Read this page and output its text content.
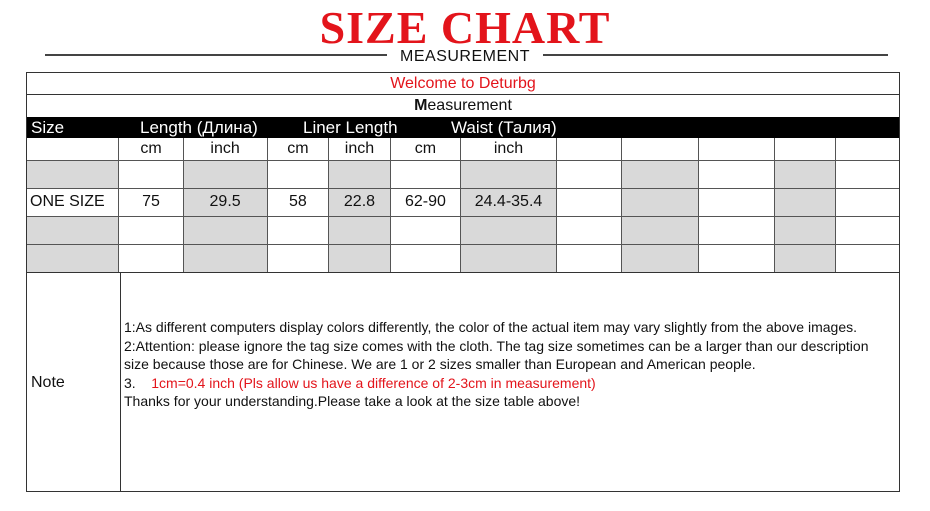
SIZE CHART
MEASUREMENT
Welcome to Deturbg
Measurement
Size	Length (Длина)	Liner Length	Waist (Талия)
	cm	inch	cm	inch	cm	inch					

ONE SIZE	75	29.5	58	22.8	62-90	24.4-35.4					

Note

1:As different computers display colors differently, the color of the actual item may vary slightly from the above images.

2:Attention: please ignore the tag size comes with the cloth. The tag size sometimes can be a larger than our description size because those are for Chinese. We are 1 or 2 sizes smaller than European and American people.

3. 1cm=0.4 inch (Pls allow us have a difference of 2-3cm in measurement)

Thanks for your understanding.Please take a look at the size table above!
